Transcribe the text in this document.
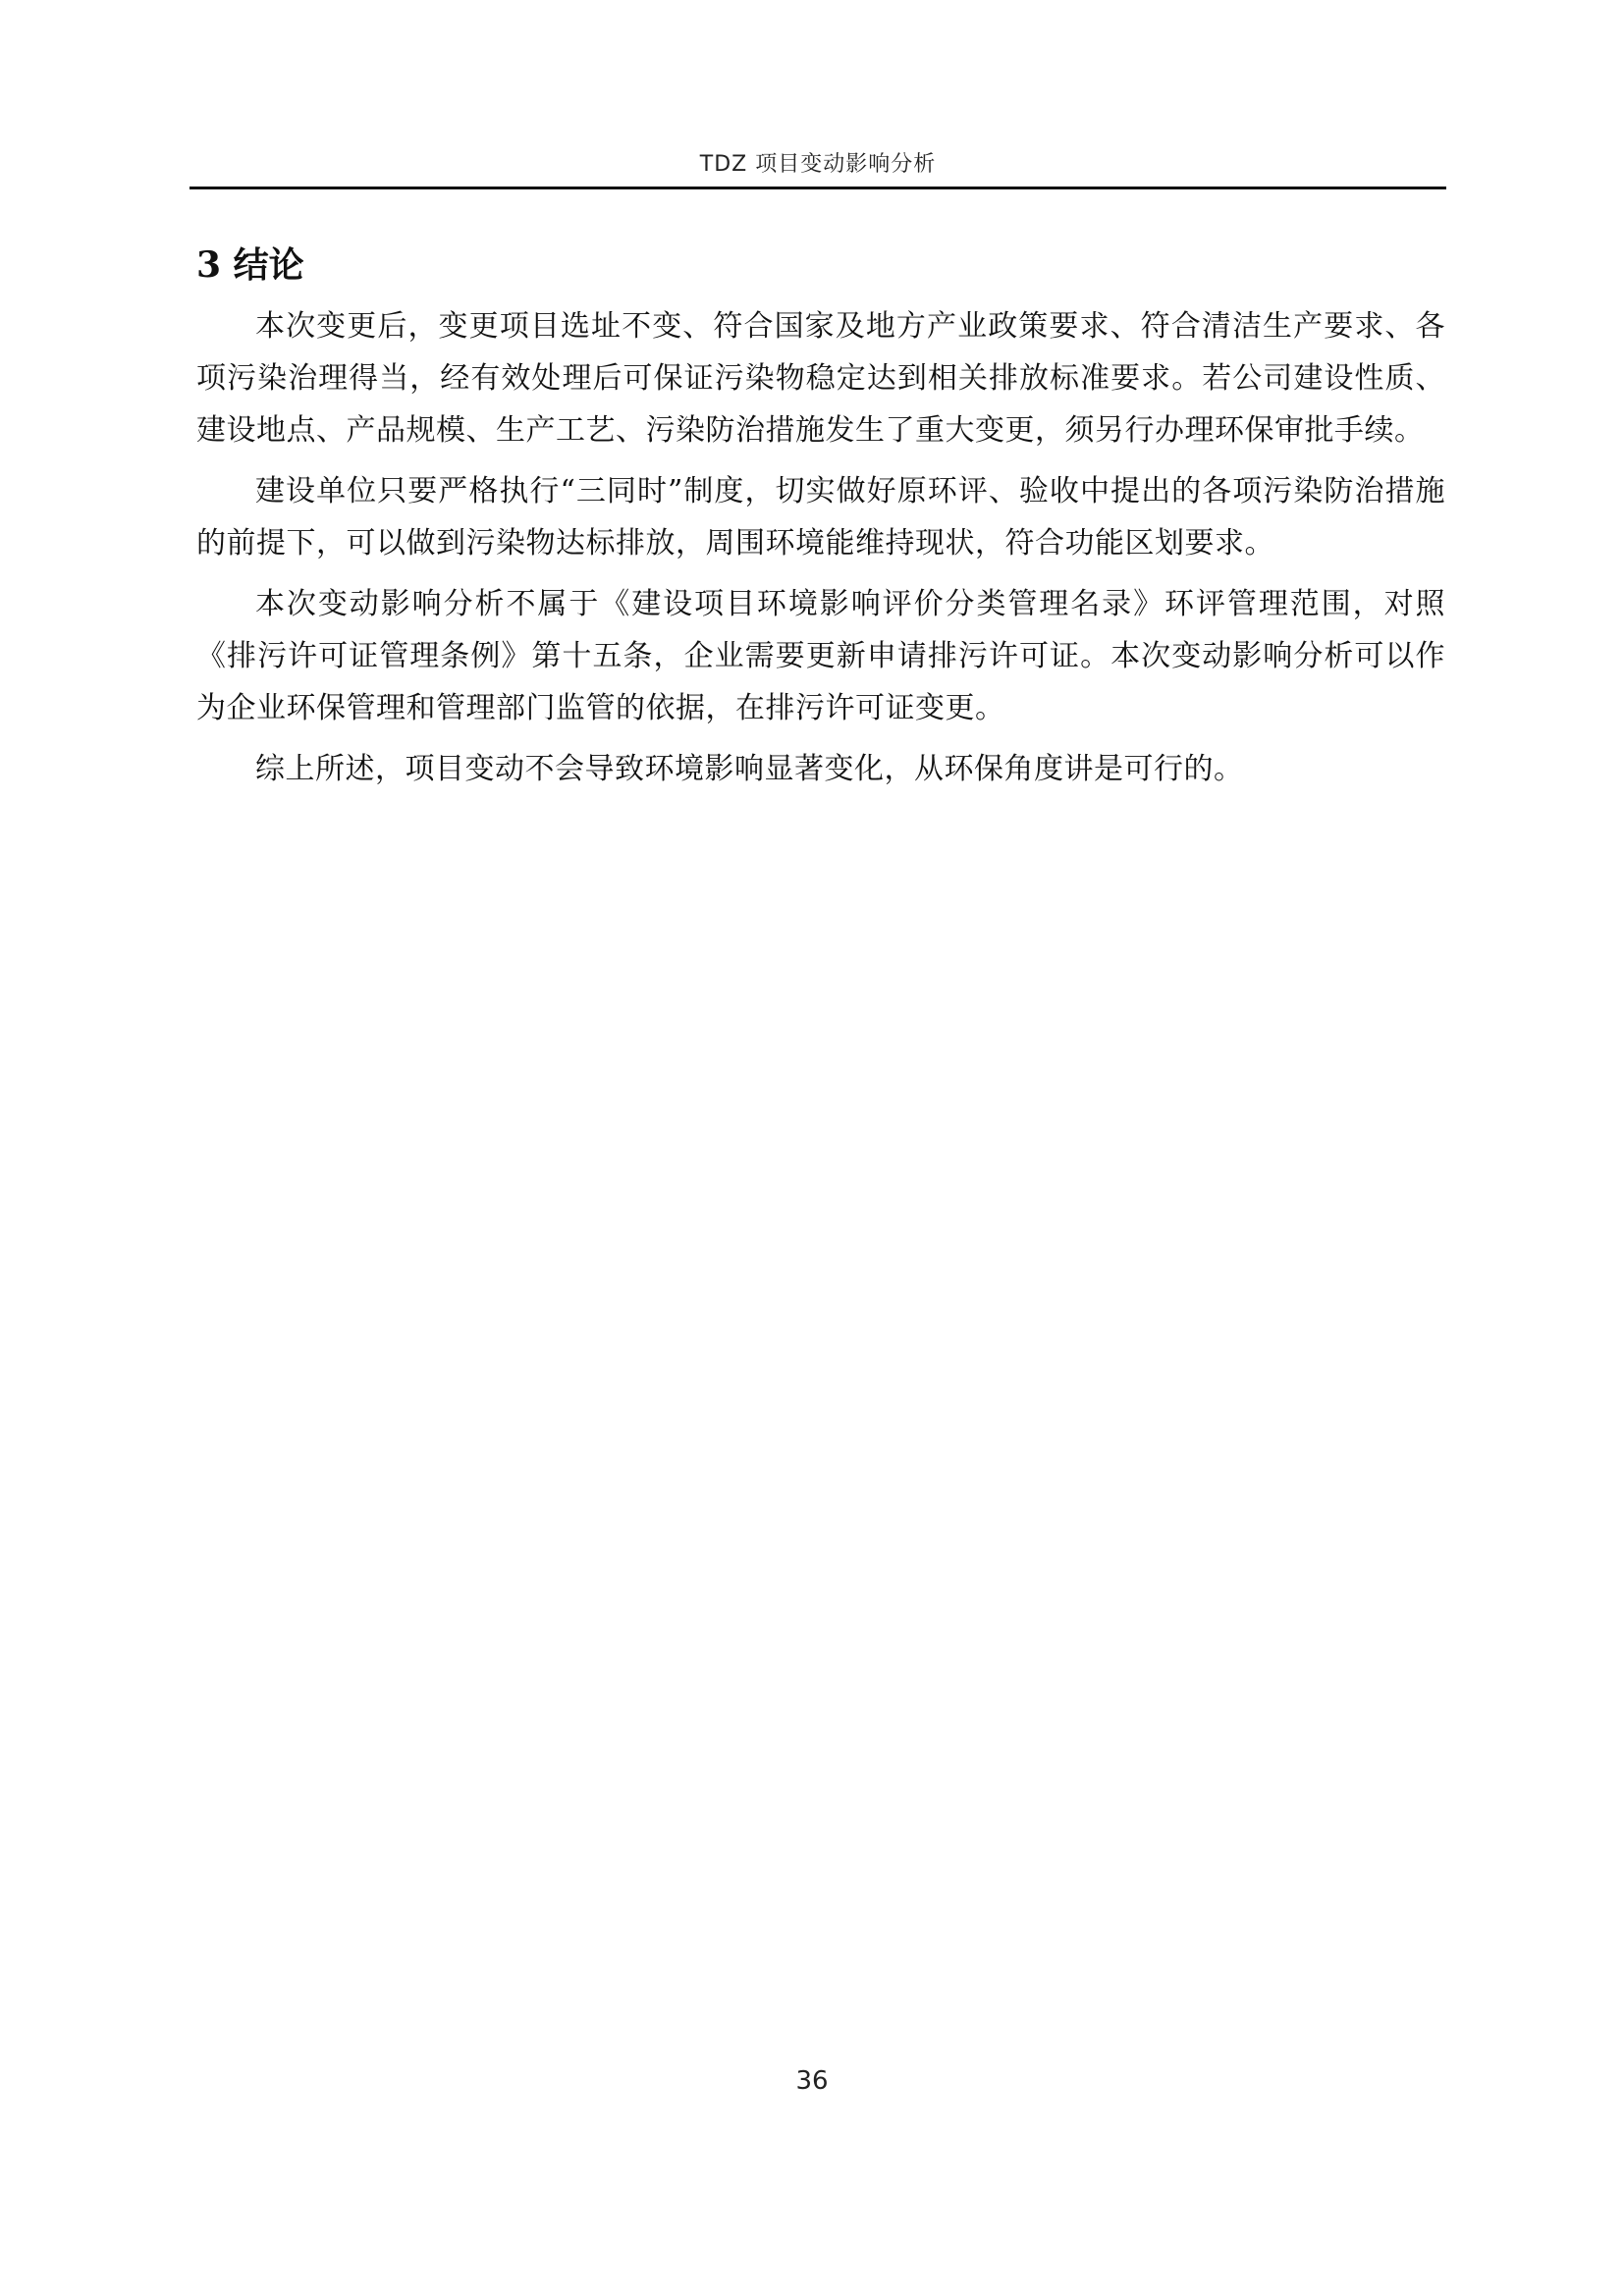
TDZ 项目变动影响分析
3 结论

本次变更后，变更项目选址不变、符合国家及地方产业政策要求、符合清洁生产要求、各项污染治理得当，经有效处理后可保证污染物稳定达到相关排放标准要求。若公司建设性质、建设地点、产品规模、生产工艺、污染防治措施发生了重大变更，须另行办理环保审批手续。

建设单位只要严格执行“三同时”制度，切实做好原环评、验收中提出的各项污染防治措施的前提下，可以做到污染物达标排放，周围环境能维持现状，符合功能区划要求。

本次变动影响分析不属于《建设项目环境影响评价分类管理名录》环评管理范围，对照《排污许可证管理条例》第十五条，企业需要更新申请排污许可证。本次变动影响分析可以作为企业环保管理和管理部门监管的依据，在排污许可证变更。

综上所述，项目变动不会导致环境影响显著变化，从环保角度讲是可行的。

36
